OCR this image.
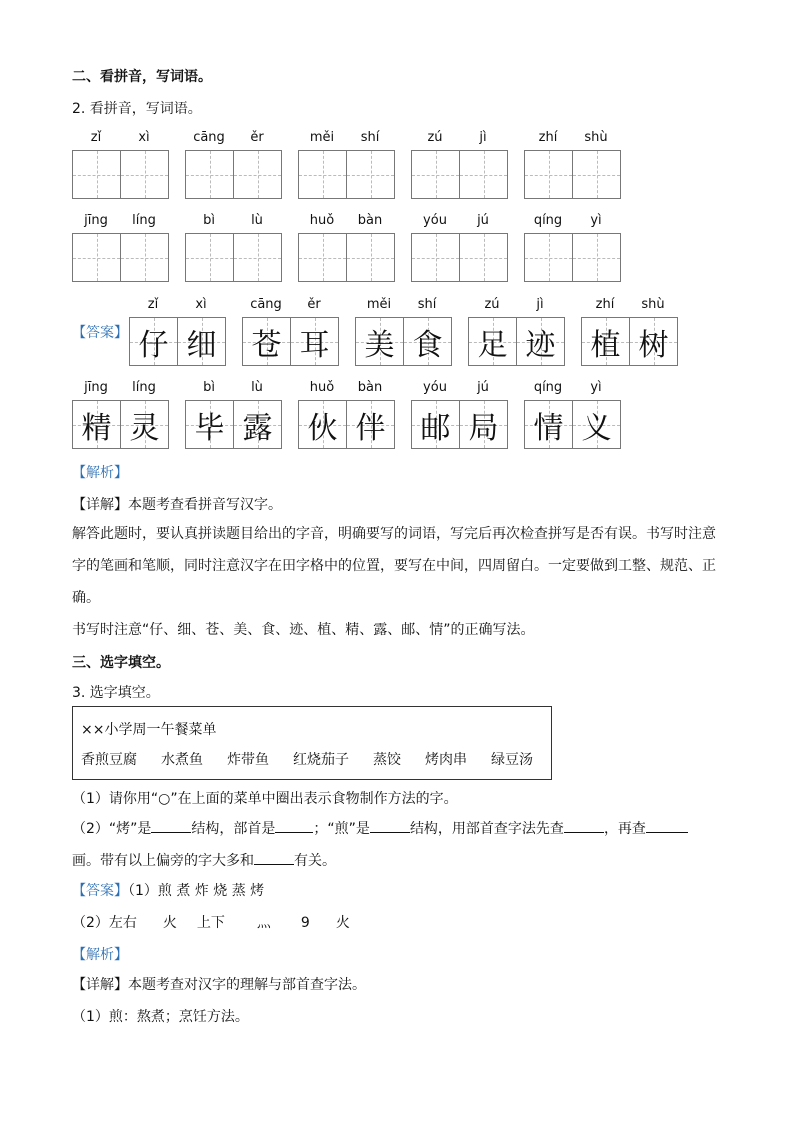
二、看拼音，写词语。
2. 看拼音，写词语。
zǐ	xì	cāng	ěr	měi	shí	zú	jì	zhí	shù
jīng	líng	bì	lù	huǒ	bàn	yóu	jú	qíng	yì
【答案】
zǐ	xì
仔 细
cāng	ěr
苍 耳
měi	shí
美 食
zú	jì
足 迹
zhí	shù
植 树
jīng	líng
精 灵
bì	lù
毕 露
huǒ	bàn
伙 伴
yóu	jú
邮 局
qíng	yì
情 义
【解析】
【详解】本题考查看拼音写汉字。
解答此题时，要认真拼读题目给出的字音，明确要写的词语，写完后再次检查拼写是否有误。书写时注意
字的笔画和笔顺，同时注意汉字在田字格中的位置，要写在中间，四周留白。一定要做到工整、规范、正
确。
书写时注意“仔、细、苍、美、食、迹、植、精、露、邮、情”的正确写法。
三、选字填空。
3. 选字填空。
××小学周一午餐菜单
香煎豆腐 水煮鱼 炸带鱼 红烧茄子 蒸饺 烤肉串 绿豆汤
（1）请你用“○”在上面的菜单中圈出表示食物制作方法的字。
（2）“烤”是	结构，部首是	；“煎”是	结构，用部首查字法先查	，再查
画。带有以上偏旁的字大多和	有关。
【答案】（1）煎 煮 炸 烧 蒸 烤
（2）左右 火 上下 灬 9 火
【解析】
【详解】本题考查对汉字的理解与部首查字法。
（1）煎：熬煮；烹饪方法。
